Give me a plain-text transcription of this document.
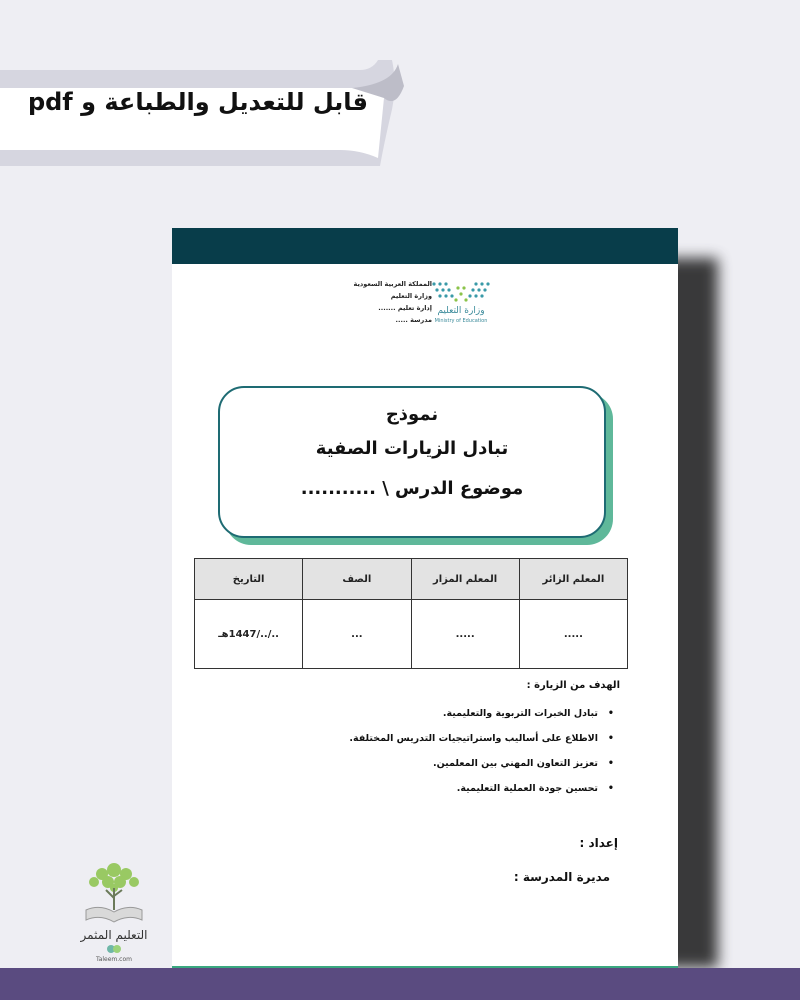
قابل للتعديل والطباعة و pdf
المملكة العربية السعودية
وزارة التعليم
إدارة تعليم .......
مدرسة .....
وزارة التعليم
Ministry of Education
نموذج
تبادل الزيارات الصفية
موضوع الدرس \ ...........
المعلم الزائر	المعلم المزار	الصف	التاريخ
.....	.....	...	../../1447هـ
الهدف من الزيارة :
• تبادل الخبرات التربوية والتعليمية.
• الاطلاع على أساليب واستراتيجيات التدريس المختلفة.
• تعزيز التعاون المهني بين المعلمين.
• تحسين جودة العملية التعليمية.
إعداد :
مديرة المدرسة :
التعليم المثمر
Taleem.com
